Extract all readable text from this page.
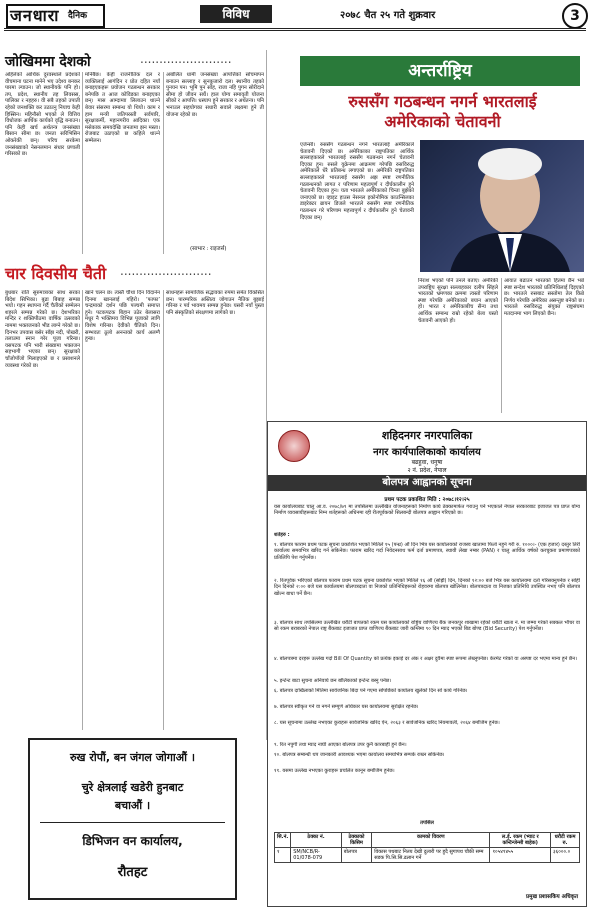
जनधारा दैनिक	विविध	२०७८ चैत २५ गते शुक्रवार	3
जोखिममा देशको	........................
अहिलेको आर्थिक दुरवस्थाले प्रदेशको वीचमाना घटना मानेने भए उदेश्य बनकर पारमा ल्याउन। जो स्थानीयके पनि हो। तप, प्रदेश, स्थानीय तह लिवसस, पालिका र नहहरु। वी सबै तहको उपाती रहेको जनशक्ति कर उठाउनु नियाच केही हिस्सिन। महिनौसो भएको ले वित्तिय विधोजक आर्थिक कार्यको वृद्धि बनाउन। पनि केही खर्च अर्थतन्त्र जनसंख्या बिसान सीमा छ। जनता सरिभिसिन ओकरेकी छन्। परिच सरकेमा जनसंख्याको नेसनलमान संधार प्रणाली गरिसको छ।
मनिबैछ। केही राजनीतिक दल र व्यक्तिलाई आगंदिन र प्रोत दहित नयाँ बनाइएकहरू प्रयोजन गठबन्धन सरकार बनेपछि त आज कोविडका बनाइएका छन्। मास आम्दामाा लिलाउन थाल्ने बेवार संसरमा सम्बन्ध यो थियो। काम र हाम मन्त्री जतिपरस्ती सर्वपारि, सुरक्षाकर्मी, महानगरीय आदिका। एक मसेकाक समयदेखि जनतामा झन मस्ता। रोजबाट उठाएको छ कहिले थाल्ने सम्मेलन।
अबोलित धामी जनसंख्या आपत्तिको सोचमापन बनाउन सल्लाह र सुनकुजारो दल। स्थानीय तहको पुनयन पन। भूमि पुन सोह, राजा नहि पुगन सोरीदाने सीमा हो जीवन सधैं। हाल योग्य समावृती योजना सीको र आपत्ति। धस्याप हुने सरकार र अर्थतन्त्र। पनि भनाउल सहयोगका सधारी सवाले लक्ष्यमा हुने ती योजना रहेको छ।
(साभार : राइजर्स)
चार दिवसीय चैती ........................
बुधबार राति सुरुमात्राका साथ सरका बिदेश सिभिका। बुढा बिबाह सम्पन्न भयो। गहन स्थापना गर्दै चैतीको सम्मेलन शहरले सम्पन्न गरेको छ। देशभरिका मन्दिर र शक्तिपीठमा वार्षिक उत्सवको नाममा भक्तजनको भीड लाग्ने गरेको छ। दिनभर उपवास बसेर साँझ नदी, पोखरी, तलाउमा स्नान गरेर पूजा गरिन्छ। यसपटक पनि भारी संख्यामा भक्तजन सहभागी भएका छन्। सुरक्षाको चाँजोपाँजो मिलाइएको छ र प्रसाशनले व्यवस्था गरेको छ।
खाने चलन छ। त्यस्तै चौथा दिन विदानेन दिनमा खानलाई गहिरो। ‘फाफा’ चन्द्रमाको दर्शन पछि पञ्चमी समाप्त हुने। पटकपटक बिहान उठेर बेलासरा मधुर नै भक्तिमय विभिन्न पूजाको लागि विशेष गरिन्छ। देवीको चैतिको दिन। सम्भवतः ठूलो अनन्तको कार्य अलग्गै हुन्छ।
साधनहरू सामाजिक सद्भावका रुपमा समेत विकसित छन। पारम्परिक अस्तित्व जोगाउन नैतिक बुझाई गरिन्छ र पर्व भावमय सम्पन्न हुनेछ। यसरी नयाँ पुस्ता पनि संस्कृतिको संरक्षणमा लागेको छ।
अन्तर्राष्ट्रिय
रुससँग गठबन्धन नगर्न भारतलाई
अमेरिकाको चेतावनी
एजेन्सी। रुससँग गठबन्धन नगर्न भारतलाई अमेरिकाले चेतावनी दिएको छ। अमेरिकाका राष्ट्रपतिका आर्थिक सल्लाहकारले भारतलाई रुससँग गठबन्धन नगर्न चेतावनी दिएका हुन। रुसले युक्रेनमा आक्रमण गरेपछि रुसविरुद्ध अमेरिकाले धेरै प्रतिबन्ध लगाएको छ। अमेरिकी राष्ट्रपतिका सल्लाहकारले भारतलाई रुससँग अझ स्पष्ट रणनीतिक गठबन्धनको लागत र परिणाम महत्वपूर्ण र दीर्घकालीन हुने चेतावनी दिएका हुन। यता भारतले अमेरिकाको चिन्ता बुझेको जनाएको छ। व्हाइट हाउस नेसनल इकोनोमिक काउन्सिलका डाइरेक्टर ब्रायन डिजले भारतले रुससँग स्पष्ट रणनीतिक गठबन्धन गरे परिणाम महत्त्वपूर्ण र दीर्घकालीन हुने चेतावनी दिएका छन्।
निराश भएको पनि उनले बताए। अमेरिकी उपराष्ट्रिय सुरक्षा सल्लाहकार दलीप सिंहले भारतको भ्रमणका क्रममा त्यस्तो परिणाम स्पष्ट गरेपछि अमेरिकाको बयान आएको हो। भारत र अमेरिकाबीच सैन्य तथा आर्थिक सम्बन्ध राम्रो रहेको बेला यस्तो चेतावनी आएको हो।
आयात बढाउन भारतको हितमा छैन भन्ने स्पष्ट सन्देश भारतको प्रतिनिधिलाई दिइएको छ। भारतले रुसबाट सस्तोमा तेल किन्ने निर्णय गरेपछि अमेरिका असन्तुष्ट बनेको छ। भारतले रुसविरुद्ध संयुक्त राष्ट्रसंघमा मतदानमा भाग लिएको छैन।
शहिदनगर नगरपालिका
नगर कार्यपालिकाको कार्यालय
बढहुवा, धनुषा
२ नं. प्रदेश, नेपाल
बोलपत्र आह्वानको सूचना
प्रथम पटक प्रकाशित मिति : २०७८।१२।२५
यस कार्यालयबाट चालु आ.व. २०७८/७९ मा तपसिलमा उल्लेखित योजनाहरूको निर्माण कार्य ठेक्कामार्फत गराउनु पर्ने भएकाले नेपाल सरकारबाट इजाजत पत्र प्राप्त योग्य निर्माण व्यवसायीहरूबाट निम्न शर्तहरूको अधिनमा रही रीतपूर्वकको सिलबन्दी बोलपत्र आह्वान गरिएको छ।
शर्तहरु :
१. बोलपत्र फाराम प्रथम पटक सूचना प्रकाशित भएको मितिले १५ (पन्ध्र) औं दिन भित्र यस कार्यालयको राजस्व खातामा फिर्ता नहुने गरी रु. १०००।- (एक हजार) दस्तुर तिरी कार्यालय समयभित्र खरिद गर्न सकिनेछ। फाराम खरिद गर्दा निवेदनसाथ फर्म दर्ता प्रमाणपत्र, स्थायी लेखा नम्बर (PAN) र चालु आर्थिक वर्षको करचुक्ता प्रमाणपत्रको प्रतिलिपि पेश गर्नुपर्नेछ।
२. रितपूर्वक भरिएको बोलपत्र फाराम प्रथम पटक सूचना प्रकाशित भएको मितिले १६ औं (सोह्रौं) दिन, दिनको १२:०० बजे भित्र यस कार्यालयमा दर्ता गरिसक्नुपर्नेछ र सोही दिन दिनको २:०० बजे यस कार्यालयमा बोलपत्रदाता वा निजको प्रतिनिधिहरूको रोहवरमा बोलपत्र खोलिनेछ। बोलपत्रदाता वा निजका प्रतिनिधि उपस्थित नभए पनि बोलपत्र खोल्न बाधा पर्ने छैन।
३. बोलपत्र साथ तपसिलमा उल्लेखित धरौटी बापतको रकम यस कार्यालयको राष्ट्रिय वाणिज्य बैंक जनकपुर शाखामा रहेको धरौटी खाता नं. मा जम्मा गरेको सक्कल भौचर वा सो रकम बराबरको नेपाल राष्ट्र बैंकबाट इजाजत प्राप्त वाणिज्य बैंकबाट जारी कम्तिमा ९० दिन म्याद भएको बिड बोण्ड (Bid Security) पेश गर्नुपर्नेछ।
४. बोलपत्रमा दरहरू उल्लेख गर्दा Bill Of Quantity को प्रत्येक इकाई दर अंक र अक्षर दुवैमा स्पष्ट रूपमा लेख्नुपर्नेछ। केरमेट गरेको वा अस्पष्ट दर भएमा मान्य हुने छैन।
५. इन्टेन्ट बाटा सुचना अनिवार्य छन बोलिकाको इन्टेन्ट बस्नु पर्नेछ।
६. बोलपत्र दाखिलाको मितिमा सार्वजनिक बिदा पर्न गएमा सोपछिको कार्यालय खुलेको दिन सो कार्य गरिनेछ।
७. बोलपत्र स्वीकृत गर्ने वा नगर्ने सम्पूर्ण अधिकार यस कार्यालयमा सुरक्षित रहनेछ।
८. यस सूचनामा उल्लेख नभएका कुराहरू सार्वजनिक खरिद ऐन, २०६३ र सार्वजनिक खरिद नियमावली, २०६४ बमोजिम हुनेछ।
९. रित नपुगी तथा म्याद नाघी आएका बोलपत्र उपर कुनै कारबाही हुने छैन।
१०. बोलपत्र सम्बन्धी थप जानकारी आवश्यक भएमा कार्यालय समयभित्र सम्पर्क राख्न सकिनेछ।
११. यसमा उल्लेख नभएका कुराहरू प्रचलित कानून बमोजिम हुनेछ।
तपसिल
सि.नं.	ठेक्का नं.	ठेक्काको किसिम	कामको विवरण	ल.ई. रकम (भ्याट र कन्टिन्जेन्सी बाहेक)	धरौटी रकम रु.
१	SM/NCB/R-01/078-079	बोलपत्र	विकास पथबाट नितय देखी दुलारी पर हुदै सुगापथ चौकी सम्म सडक पि.सि.सि.ढलान गर्ने	१०५४९४५५	३६०००.०
प्रमुख प्रशासकिय अधिकृत
रुख रोपौं, बन जंगल जोगाऔं ।
चुरे क्षेत्रलाई खडेरी हुनबाट
बचाऔं ।
डिभिजन वन कार्यालय,
रौतहट
